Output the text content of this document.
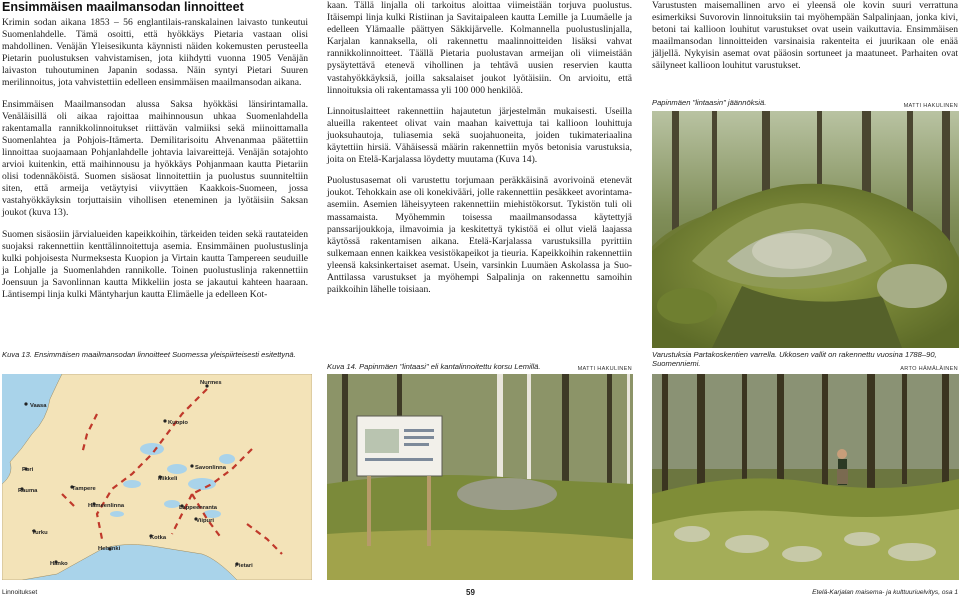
Ensimmäisen maailmansodan linnoitteet

Krimin sodan aikana 1853 – 56 englantilais-ranskalainen laivasto tunkeutui Suomenlahdelle. Tämä osoitti, että hyökkäys Pietaria vastaan olisi mahdollinen. Venäjän Yleisesikunta käynnisti näiden kokemusten perusteella Pietarin puolustuksen vahvistamisen, jota kiihdytti vuonna 1905 Venäjän laivaston tuhoutuminen Japanin sodassa. Näin syntyi Pietari Suuren merilinnoitus, jota vahvistettiin edelleen ensimmäisen maailmansodan aikana.

Ensimmäisen Maailmansodan alussa Saksa hyökkäsi länsirintamalla. Venäläisillä oli aikaa rajoittaa maihinnousun uhkaa Suomenlahdella rakentamalla rannikkolinnoitukset riittävän valmiiksi sekä miinoittamalla Suomenlahtea ja Pohjois-Itämerta. Demilitarisoitu Ahvenanmaa päätettiin linnoittaa suojaamaan Pohjanlahdelle johtavia laivareittejä. Venäjän sotajohto arvioi kuitenkin, että maihinnousu ja hyökkäys Pohjanmaan kautta Pietariin olisi todennäköistä. Suomen sisäosat linnoitettiin ja puolustus suunniteltiin siten, että armeija vetäytyisi viivyttäen Kaakkois-Suomeen, jossa vastahyökkäyksin torjuttaisiin vihollisen eteneminen ja lyötäisiin Saksan joukot (kuva 13).

Suomen sisäosiin järvialueiden kapeikkoihin, tärkeiden teiden sekä rautateiden suojaksi rakennettiin kenttälinnoitettuja asemia. Ensimmäinen puolustuslinja kulki pohjoisesta Nurmeksesta Kuopion ja Virtain kautta Tampereen seuduille ja Lohjalle ja Suomenlahden rannikolle. Toinen puolustuslinja rakennettiin Joensuun ja Savonlinnan kautta Mikkeliin josta se jakautui kahteen haaraan. Läntisempi linja kulki Mäntyharjun kautta Elimäelle ja edelleen Kot-

kaan. Tällä linjalla oli tarkoitus aloittaa viimeistään torjuva puolustus. Itäisempi linja kulki Ristiinan ja Savitaipaleen kautta Lemille ja Luumäelle ja edelleen Ylämaalle päättyen Säkkijärvelle. Kolmannella puolustuslinjalla, Karjalan kannaksella, oli rakennettu maalinnoitteiden lisäksi vahvat rannikkolinnoitteet. Täällä Pietaria puolustavan armeijan oli viimeistään pysäytettävä etenevä vihollinen ja tehtävä uusien reservien kautta vastahyökkäyksiä, joilla saksalaiset joukot lyötäisiin. On arvioitu, että linnoituksia oli rakentamassa yli 100 000 henkilöä.

Linnoituslaitteet rakennettiin hajautetun järjestelmän mukaisesti. Useilla alueilla rakenteet olivat vain maahan kaivettuja tai kallioon louhittuja juoksuhautoja, tuliasemia sekä suojahuoneita, joiden tukimateriaalina käytettiin hirsiä. Vähäisessä määrin rakennettiin myös betonisia varustuksia, joita on Etelä-Karjalassa löydetty muutama (Kuva 14).

Puolustusasemat oli varustettu torjumaan peräkkäisinä avorivoinä etenevät joukot. Tehokkain ase oli konekivääri, jolle rakennettiin pesäkkeet avorintama-asemiin. Asemien läheisyyteen rakennettiin miehistökorsut. Tykistön tuli oli massamaista. Myöhemmin toisessa maailmansodassa käytettyjä panssarijoukkoja, ilmavoimia ja keskitettyä tykistöä ei ollut vielä laajassa käytössä rakentamisen aikana. Etelä-Karjalassa varustuksilla pyrittiin sulkemaan ennen kaikkea vesistökapeikot ja tieuria. Kapeikkoihin rakennettiin yleensä kaksinkertaiset asemat. Usein, varsinkin Luumäen Askolassa ja Suo-Anttilassa varustukset ja myöhempi Salpalinja on rakennettu samoihin paikkoihin lähelle toisiaan.

Varustusten maisemallinen arvo ei yleensä ole kovin suuri verrattuna esimerkiksi Suvorovin linnoituksiin tai myöhempään Salpalinjaan, jonka kivi, betoni tai kallioon louhitut varustukset ovat usein vaikuttavia. Ensimmäisen maailmansodan linnoitteiden varsinaisia rakenteita ei juurikaan ole enää jäljellä. Nykyisin asemat ovat pääosin sortuneet ja maatuneet. Parhaiten ovat säilyneet kallioon louhitut varustukset.

Papinmäen "lintaasin" jäännöksiä.	MATTI HAKULINEN
Kuva 13. Ensimmäisen maailmansodan linnoitteet Suomessa yleispiirteisesti esitettynä.
Nurmes
Vaasa
Kuopio
Pori	Savonlinna
Mikkeli
Rauma	Tampere
Hämeenlinna	Lappeenranta
Viipuri
Turku
Kotka
Helsinki
Hanko	Pietari
Kuva 14. Papinmäen "lintaasi" eli kantalinnoitettu korsu Lemillä.	MATTI HAKULINEN
Varustuksia Partakoskentien varrella. Ukkosen vallit on rakennettu vuosina 1788–90, Suomenniemi.
ARTO HÄMÄLÄINEN
Linnoitukset	59	Etelä-Karjalan maisema- ja kulttuuriuelvitys, osa 1
